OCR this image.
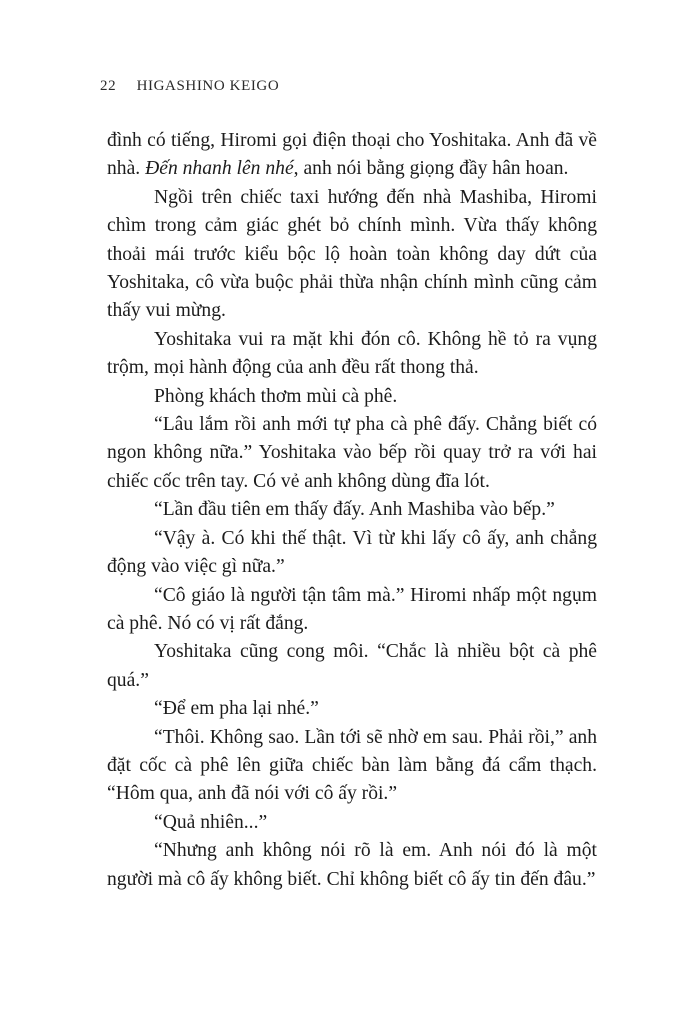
22 HIGASHINO KEIGO

đình có tiếng, Hiromi gọi điện thoại cho Yoshitaka. Anh đã về nhà. Đến nhanh lên nhé, anh nói bằng giọng đầy hân hoan.

Ngồi trên chiếc taxi hướng đến nhà Mashiba, Hiromi chìm trong cảm giác ghét bỏ chính mình. Vừa thấy không thoải mái trước kiểu bộc lộ hoàn toàn không day dứt của Yoshitaka, cô vừa buộc phải thừa nhận chính mình cũng cảm thấy vui mừng.

Yoshitaka vui ra mặt khi đón cô. Không hề tỏ ra vụng trộm, mọi hành động của anh đều rất thong thả.

Phòng khách thơm mùi cà phê.

“Lâu lắm rồi anh mới tự pha cà phê đấy. Chẳng biết có ngon không nữa.” Yoshitaka vào bếp rồi quay trở ra với hai chiếc cốc trên tay. Có vẻ anh không dùng đĩa lót.

“Lần đầu tiên em thấy đấy. Anh Mashiba vào bếp.”

“Vậy à. Có khi thế thật. Vì từ khi lấy cô ấy, anh chẳng động vào việc gì nữa.”

“Cô giáo là người tận tâm mà.” Hiromi nhấp một ngụm cà phê. Nó có vị rất đắng.

Yoshitaka cũng cong môi. “Chắc là nhiều bột cà phê quá.”

“Để em pha lại nhé.”

“Thôi. Không sao. Lần tới sẽ nhờ em sau. Phải rồi,” anh đặt cốc cà phê lên giữa chiếc bàn làm bằng đá cẩm thạch. “Hôm qua, anh đã nói với cô ấy rồi.”

“Quả nhiên...”

“Nhưng anh không nói rõ là em. Anh nói đó là một người mà cô ấy không biết. Chỉ không biết cô ấy tin đến đâu.”
